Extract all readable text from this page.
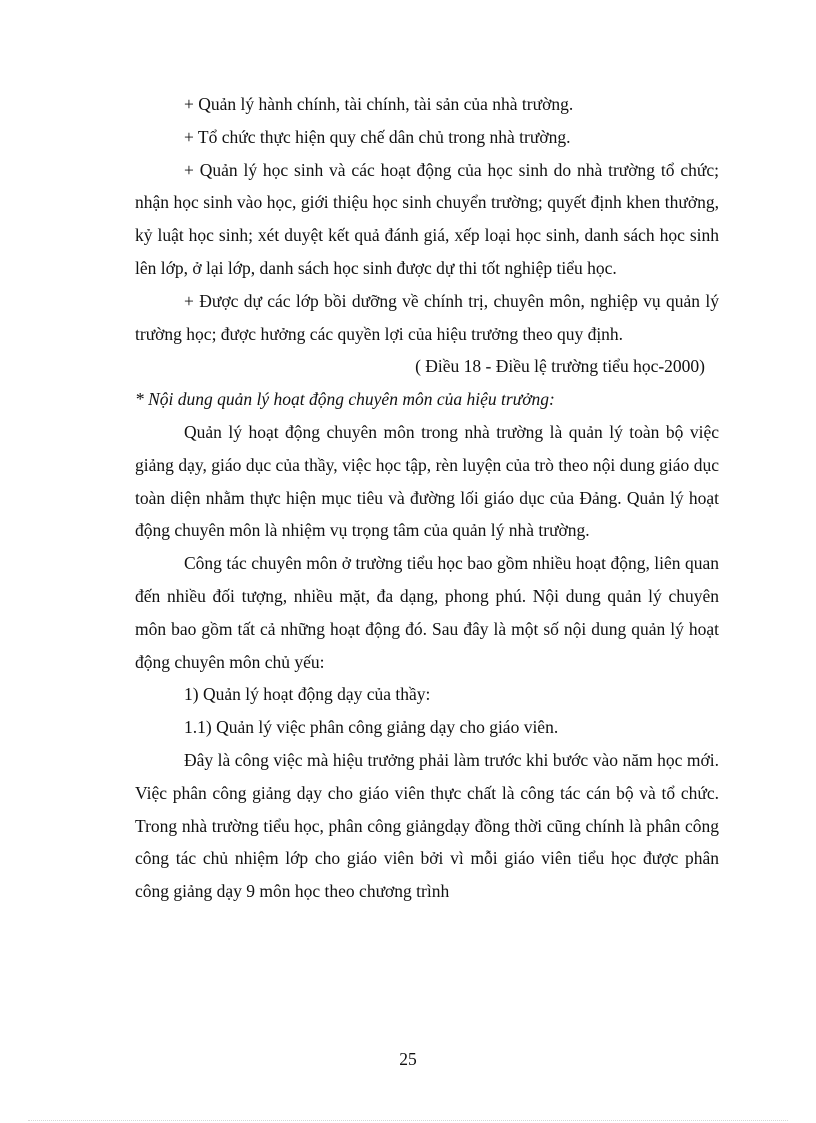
+ Quản lý hành chính, tài chính, tài sản của nhà trường.

+ Tổ chức thực hiện quy chế dân chủ trong nhà trường.

+ Quản lý học sinh và các hoạt động của học sinh do nhà trường tổ chức; nhận học sinh vào học, giới thiệu học sinh chuyển trường; quyết định khen thưởng, kỷ luật học sinh; xét duyệt kết quả đánh giá, xếp loại học sinh, danh sách học sinh lên lớp, ở lại lớp, danh sách học sinh được dự thi tốt nghiệp tiểu học.

+ Được dự các lớp bồi dưỡng về chính trị, chuyên môn, nghiệp vụ quản lý trường học; được hưởng các quyền lợi của hiệu trưởng theo quy định.

( Điều 18 - Điều lệ trường tiểu học-2000)

* Nội dung quản lý hoạt động chuyên môn của hiệu trưởng:

Quản lý hoạt động chuyên môn trong nhà trường là quản lý toàn bộ việc giảng dạy, giáo dục của thầy, việc học tập, rèn luyện của trò theo nội dung giáo dục toàn diện nhằm thực hiện mục tiêu và đường lối giáo dục của Đảng. Quản lý hoạt động chuyên môn là nhiệm vụ trọng tâm của quản lý nhà trường.

Công tác chuyên môn ở trường tiểu học bao gồm nhiều hoạt động, liên quan đến nhiều đối tượng, nhiều mặt, đa dạng, phong phú. Nội dung quản lý chuyên môn bao gồm tất cả những hoạt động đó. Sau đây là một số nội dung quản lý hoạt động chuyên môn chủ yếu:

1) Quản lý hoạt động dạy của thầy:

1.1) Quản lý việc phân công giảng dạy cho giáo viên.

Đây là công việc mà hiệu trưởng phải làm trước khi bước vào năm học mới. Việc phân công giảng dạy cho giáo viên thực chất là công tác cán bộ và tổ chức. Trong nhà trường tiểu học, phân công giảngdạy đồng thời cũng chính là phân công công tác chủ nhiệm lớp cho giáo viên bởi vì mỗi giáo viên tiểu học được phân công giảng dạy 9 môn học theo chương trình

25
